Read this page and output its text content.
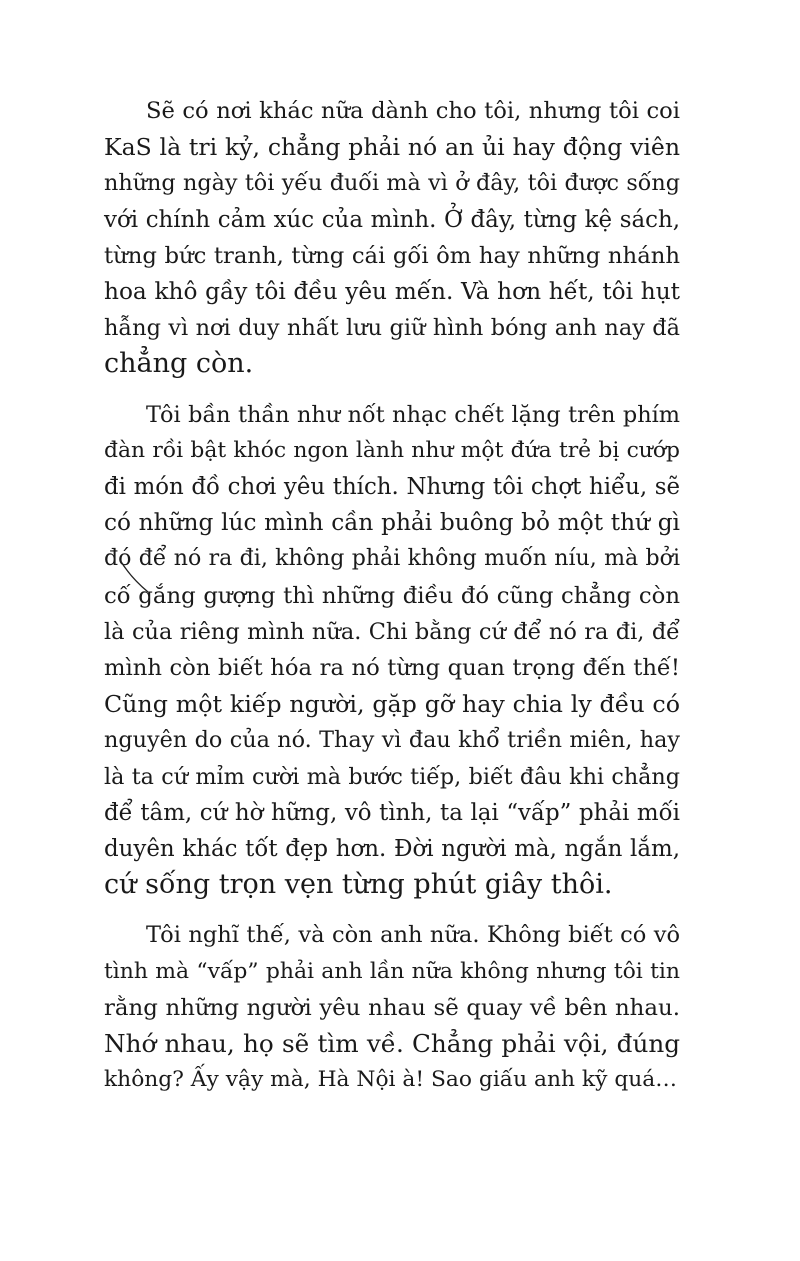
Sẽ có nơi khác nữa dành cho tôi, nhưng tôi coi
KaS là tri kỷ, chẳng phải nó an ủi hay động viên
những ngày tôi yếu đuối mà vì ở đây, tôi được sống
với chính cảm xúc của mình. Ở đây, từng kệ sách,
từng bức tranh, từng cái gối ôm hay những nhánh
hoa khô gầy tôi đều yêu mến. Và hơn hết, tôi hụt
hẫng vì nơi duy nhất lưu giữ hình bóng anh nay đã
chẳng còn.

Tôi bần thần như nốt nhạc chết lặng trên phím
đàn rồi bật khóc ngon lành như một đứa trẻ bị cướp
đi món đồ chơi yêu thích. Nhưng tôi chợt hiểu, sẽ
có những lúc mình cần phải buông bỏ một thứ gì
đó để nó ra đi, không phải không muốn níu, mà bởi
cố gắng gượng thì những điều đó cũng chẳng còn
là của riêng mình nữa. Chi bằng cứ để nó ra đi, để
mình còn biết hóa ra nó từng quan trọng đến thế!
Cũng một kiếp người, gặp gỡ hay chia ly đều có
nguyên do của nó. Thay vì đau khổ triền miên, hay
là ta cứ mỉm cười mà bước tiếp, biết đâu khi chẳng
để tâm, cứ hờ hững, vô tình, ta lại “vấp” phải mối
duyên khác tốt đẹp hơn. Đời người mà, ngắn lắm,
cứ sống trọn vẹn từng phút giây thôi.

Tôi nghĩ thế, và còn anh nữa. Không biết có vô
tình mà “vấp” phải anh lần nữa không nhưng tôi tin
rằng những người yêu nhau sẽ quay về bên nhau.
Nhớ nhau, họ sẽ tìm về. Chẳng phải vội, đúng
không? Ấy vậy mà, Hà Nội à! Sao giấu anh kỹ quá…
